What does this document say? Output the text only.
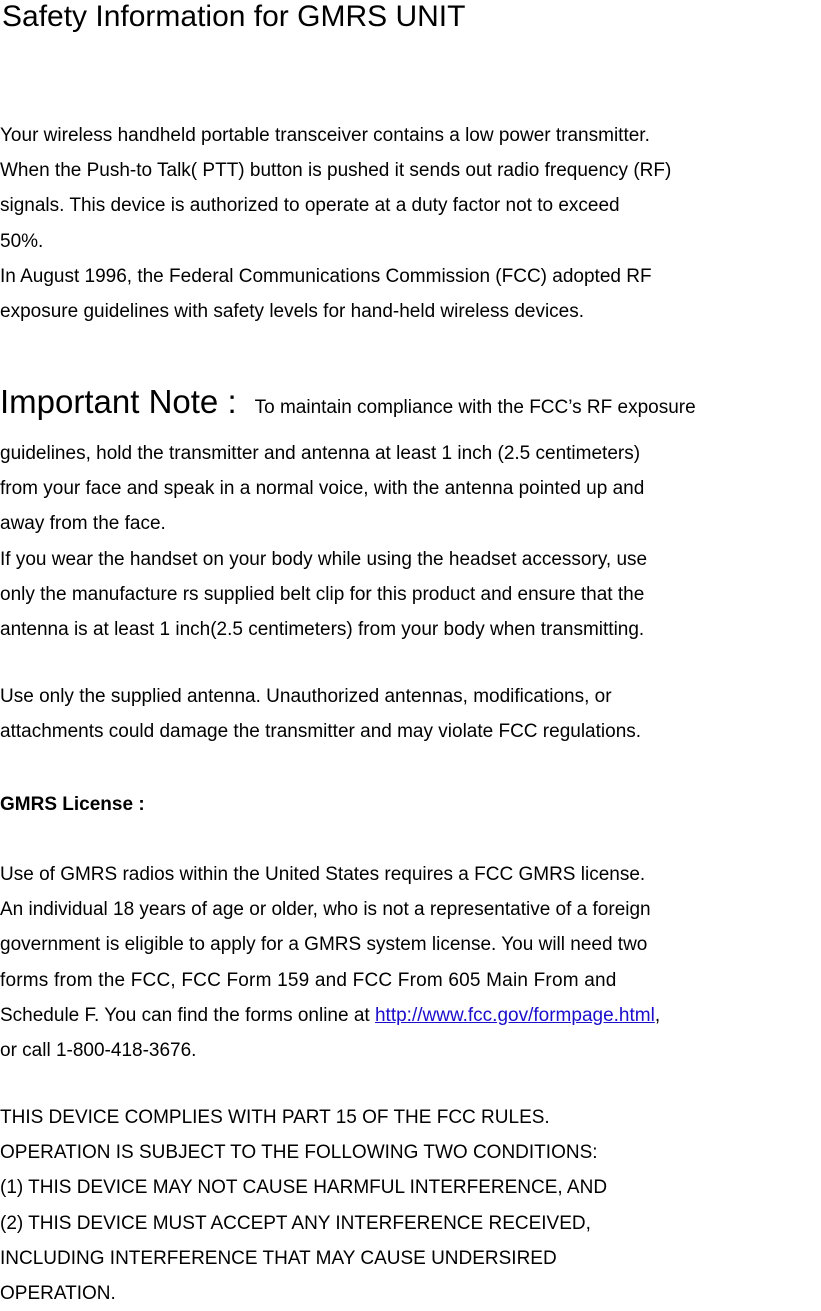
Safety Information for GMRS UNIT
Your wireless handheld portable transceiver contains a low power transmitter.
When the Push-to Talk( PTT) button is pushed it sends out radio frequency (RF)
signals. This device is authorized to operate at a duty factor not to exceed
50%.
In August 1996, the Federal Communications Commission (FCC) adopted RF
exposure guidelines with safety levels for hand-held wireless devices.
Important Note : To maintain compliance with the FCC’s RF exposure
guidelines, hold the transmitter and antenna at least 1 inch (2.5 centimeters)
from your face and speak in a normal voice, with the antenna pointed up and
away from the face.
If you wear the handset on your body while using the headset accessory, use
only the manufacture rs supplied belt clip for this product and ensure that the
antenna is at least 1 inch(2.5 centimeters) from your body when transmitting.
Use only the supplied antenna. Unauthorized antennas, modifications, or
attachments could damage the transmitter and may violate FCC regulations.
GMRS License :
Use of GMRS radios within the United States requires a FCC GMRS license.
An individual 18 years of age or older, who is not a representative of a foreign
government is eligible to apply for a GMRS system license. You will need two
forms from the FCC, FCC Form 159 and FCC From 605 Main From and
Schedule F. You can find the forms online at http://www.fcc.gov/formpage.html,
or call 1-800-418-3676.
THIS DEVICE COMPLIES WITH PART 15 OF THE FCC RULES.
OPERATION IS SUBJECT TO THE FOLLOWING TWO CONDITIONS:
(1) THIS DEVICE MAY NOT CAUSE HARMFUL INTERFERENCE, AND
(2) THIS DEVICE MUST ACCEPT ANY INTERFERENCE RECEIVED,
INCLUDING INTERFERENCE THAT MAY CAUSE UNDERSIRED
OPERATION.
